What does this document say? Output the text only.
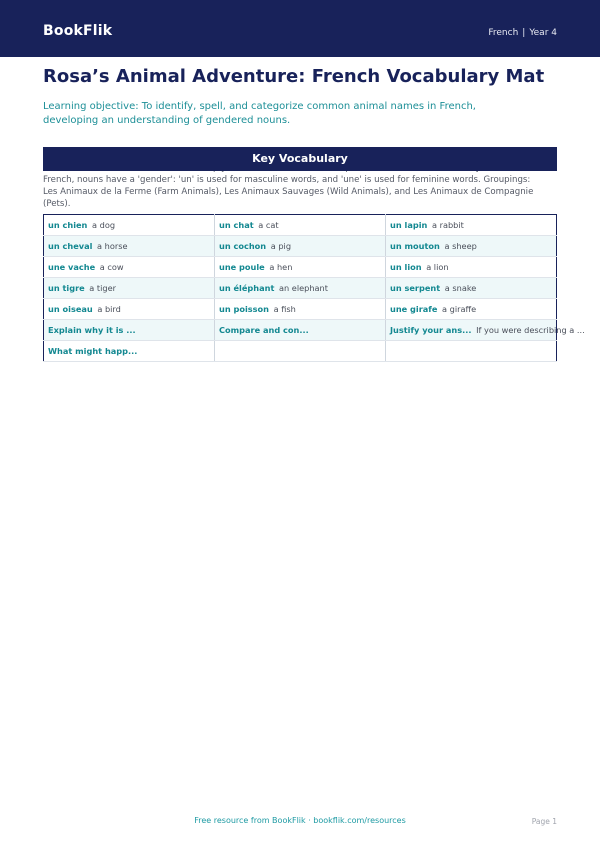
BookFlik	French | Year 4
Rosa’s Animal Adventure: French Vocabulary Mat
Learning objective: To identify, spell, and categorize common animal names in French, developing an understanding of gendered nouns.
Key Vocabulary
French, nouns have a 'gender': 'un' is used for masculine words, and 'une' is used for feminine words. Groupings: Les Animaux de la Ferme (Farm Animals), Les Animaux Sauvages (Wild Animals), and Les Animaux de Compagnie (Pets).
un chien a dog	un chat a cat	un lapin a rabbit
un cheval a horse	un cochon a pig	un mouton a sheep
une vache a cow	une poule a hen	un lion a lion
un tigre a tiger	un éléphant an elephant	un serpent a snake
un oiseau a bird	un poisson a fish	une girafe a giraffe
Explain why it is ...	Compare and con...	Justify your ans... If you were describing a ...
What might happ...		
Free resource from BookFlik · bookflik.com/resources	Page 1
